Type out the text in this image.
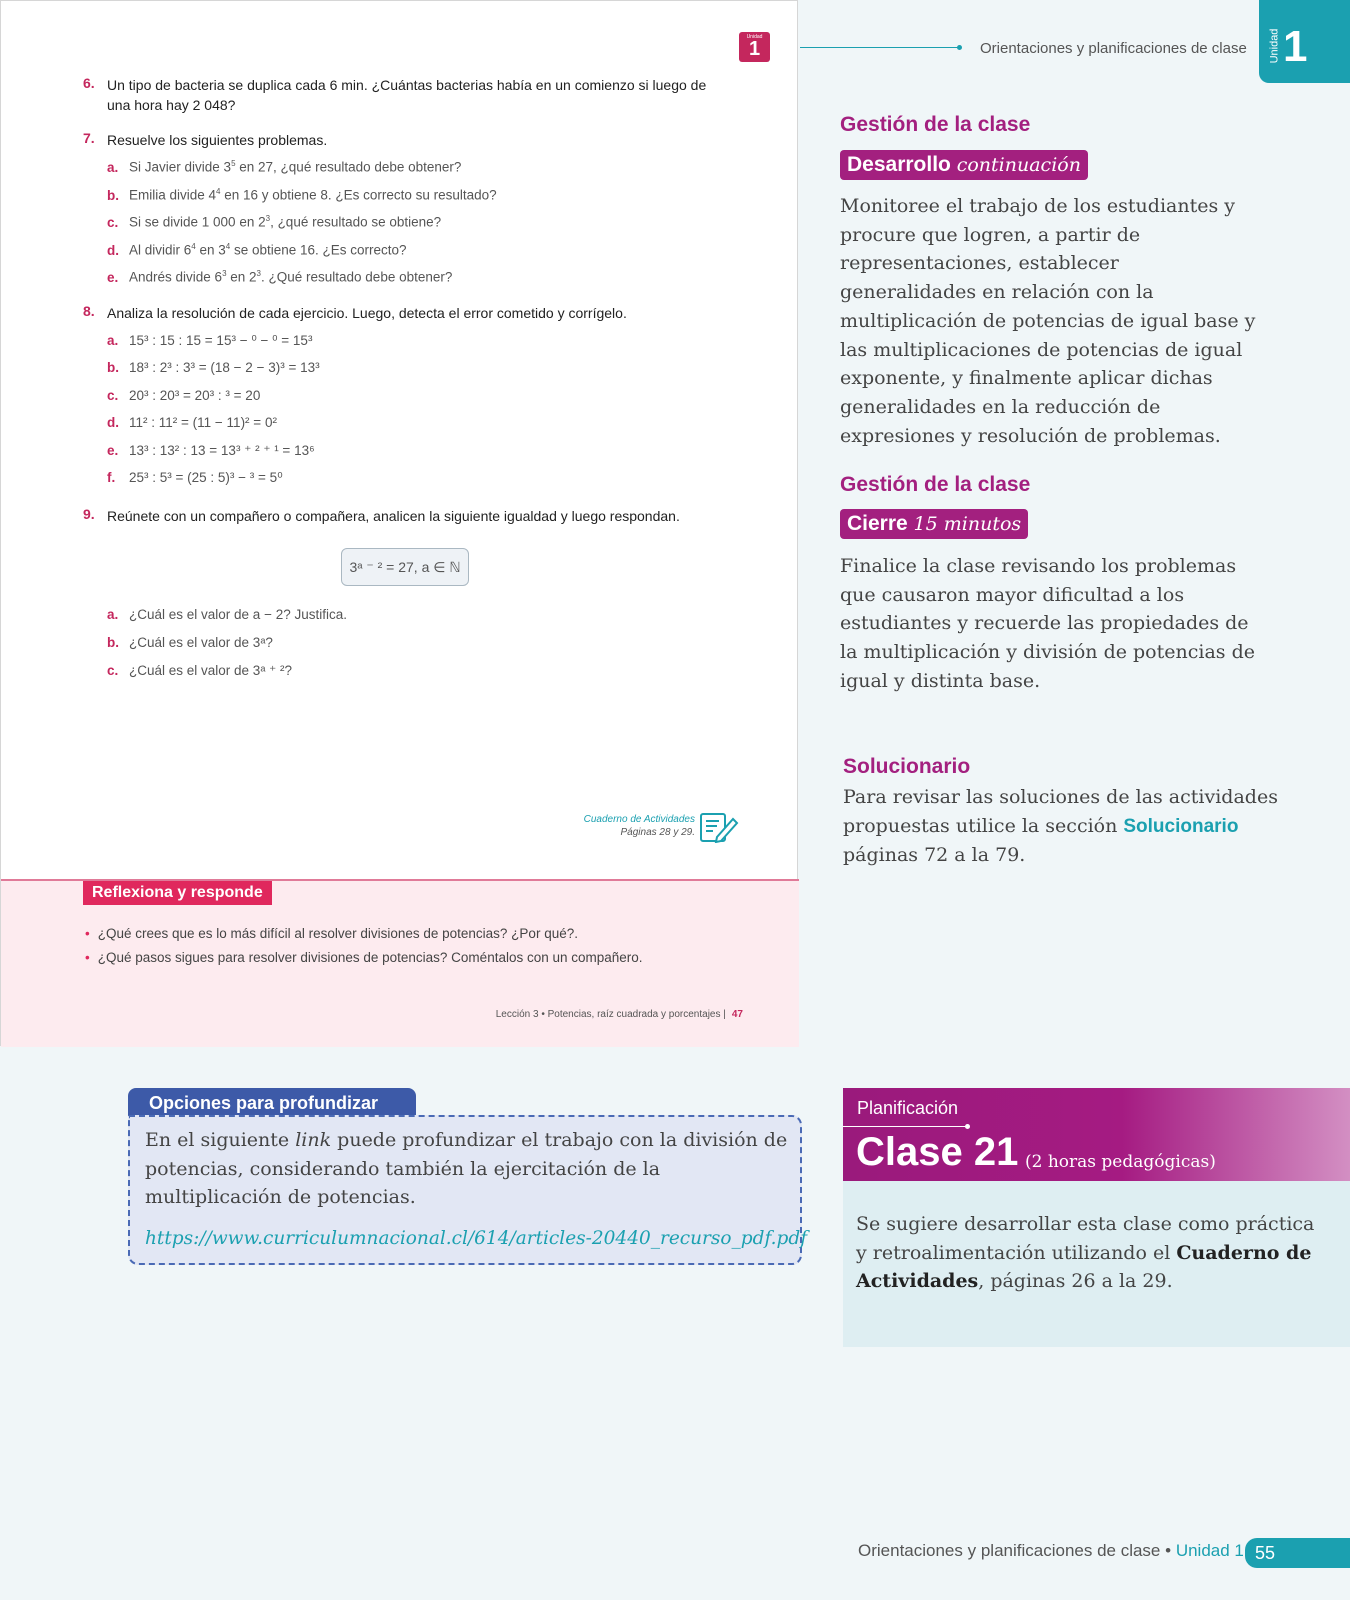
Unidad
1
6. Un tipo de bacteria se duplica cada 6 min. ¿Cuántas bacterias había en un comienzo si luego de una hora hay 2 048?
7. Resuelve los siguientes problemas.
a. Si Javier divide $3^5$ en 27, ¿qué resultado debe obtener?
b. Emilia divide $4^4$ en 16 y obtiene 8. ¿Es correcto su resultado?
c. Si se divide 1 000 en $2^3$, ¿qué resultado se obtiene?
d. Al dividir $6^4$ en $3^4$ se obtiene 16. ¿Es correcto?
e. Andrés divide $6^3$ en $2^3$. ¿Qué resultado debe obtener?
8. Analiza la resolución de cada ejercicio. Luego, detecta el error cometido y corrígelo.
a. 15³ : 15 : 15 = 15³ − ⁰ − ⁰ = 15³
b. 18³ : 2³ : 3³ = (18 − 2 − 3)³ = 13³
c. 20³ : 20³ = 20³ : ³ = 20
d. 11² : 11² = (11 − 11)² = 0²
e. 13³ : 13² : 13 = 13³ ⁺ ² ⁺ ¹ = 13⁶
f. 25³ : 5³ = (25 : 5)³ − ³ = 5⁰
9. Reúnete con un compañero o compañera, analicen la siguiente igualdad y luego respondan.
3ᵃ ⁻ ² = 27, a ∈ ℕ
a. ¿Cuál es el valor de a − 2? Justifica.
b. ¿Cuál es el valor de 3ᵃ?
c. ¿Cuál es el valor de 3ᵃ ⁺ ²?
Cuaderno de Actividades
Páginas 28 y 29.
Reflexiona y responde
• ¿Qué crees que es lo más difícil al resolver divisiones de potencias? ¿Por qué?.
• ¿Qué pasos sigues para resolver divisiones de potencias? Coméntalos con un compañero.
Lección 3 • Potencias, raíz cuadrada y porcentajes | 47
Orientaciones y planificaciones de clase Unidad 1
Gestión de la clase
Desarrollo continuación
Monitoree el trabajo de los estudiantes y procure que logren, a partir de representaciones, establecer generalidades en relación con la multiplicación de potencias de igual base y las multiplicaciones de potencias de igual exponente, y finalmente aplicar dichas generalidades en la reducción de expresiones y resolución de problemas.
Gestión de la clase
Cierre 15 minutos
Finalice la clase revisando los problemas que causaron mayor dificultad a los estudiantes y recuerde las propiedades de la multiplicación y división de potencias de igual y distinta base.
Solucionario
Para revisar las soluciones de las actividades propuestas utilice la sección Solucionario páginas 72 a la 79.
Opciones para profundizar
En el siguiente link puede profundizar el trabajo con la división de potencias, considerando también la ejercitación de la multiplicación de potencias.
https://www.curriculumnacional.cl/614/articles-20440_recurso_pdf.pdf
Planificación
Clase 21 (2 horas pedagógicas)
Se sugiere desarrollar esta clase como práctica y retroalimentación utilizando el Cuaderno de Actividades, páginas 26 a la 29.
Orientaciones y planificaciones de clase • Unidad 1 55
